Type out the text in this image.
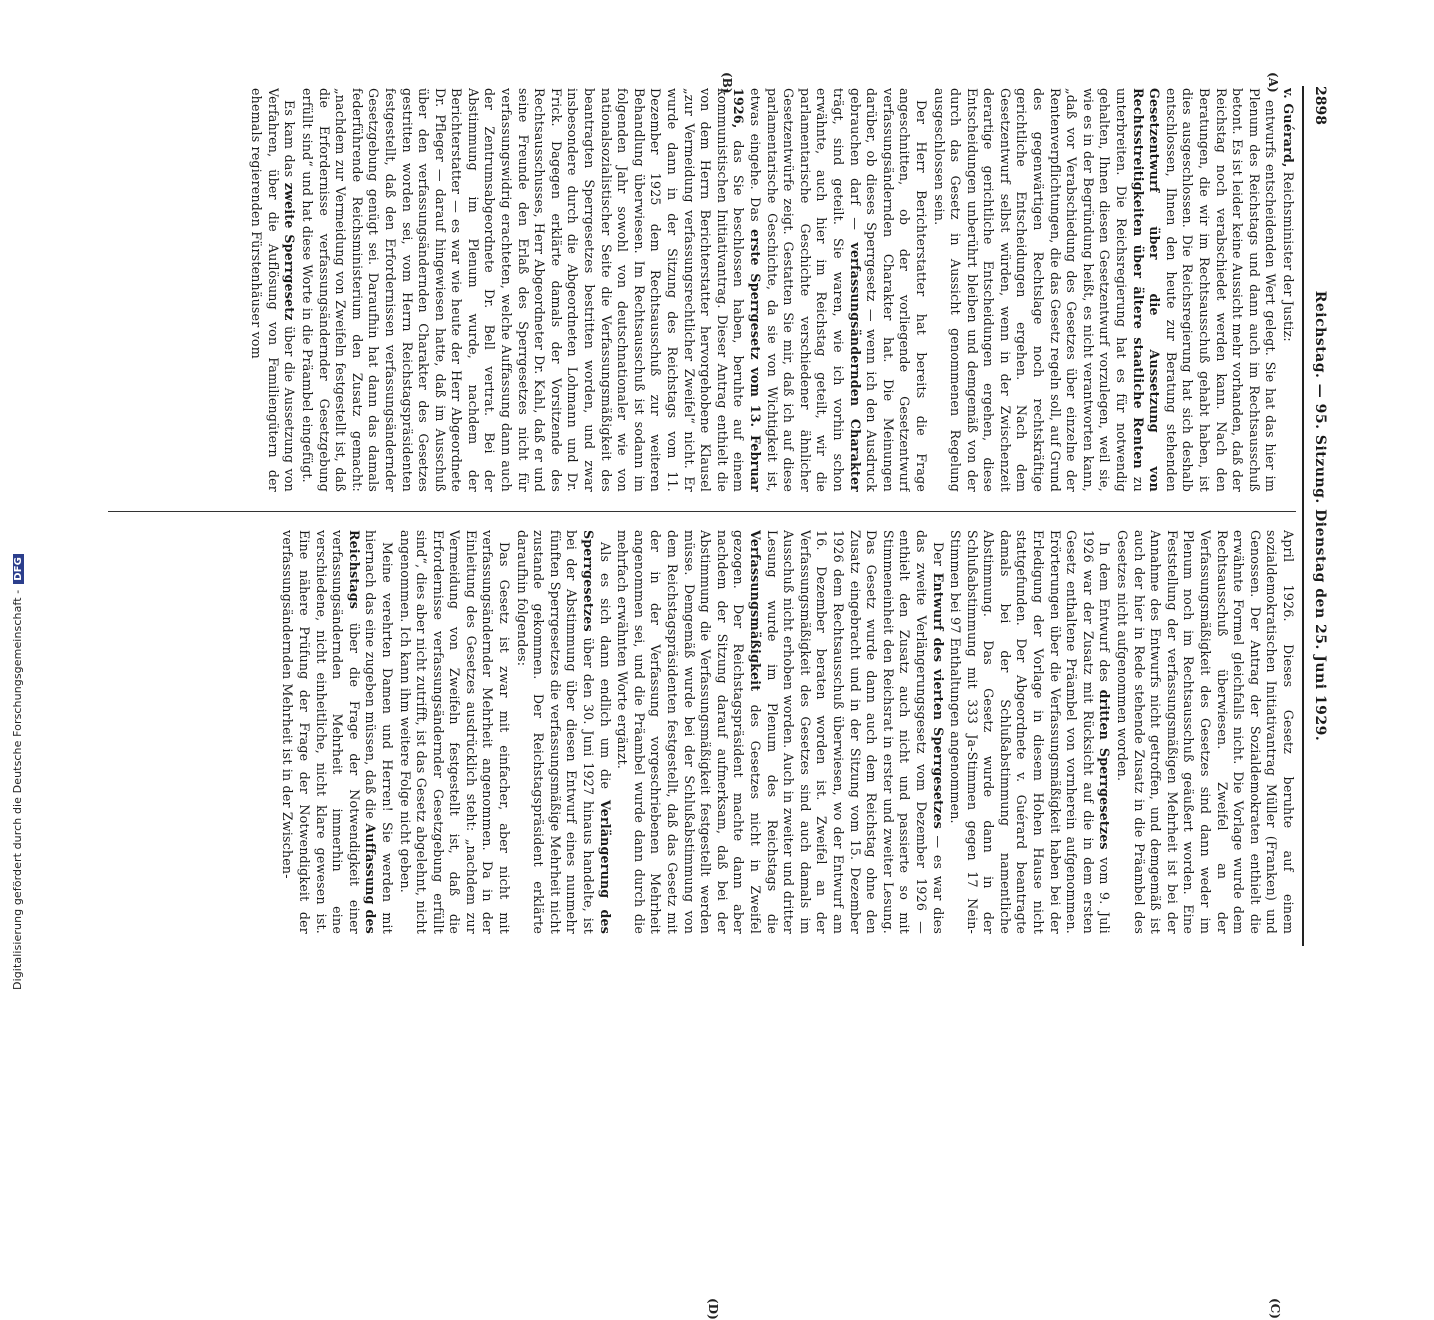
Digitalisierung gefördert durch die Deutsche Forschungsgemeinschaft -DFG
2898
Reichstag. — 95. Sitzung. Dienstag den 25. Juni 1929.
(A)
(B)
(C)
(D)

v. Guérard, Reichsminister der Justiz:

entwurfs entscheidenden Wert gelegt. Sie hat das hier im Plenum des Reichstags und dann auch im Rechtsausschuß betont. Es ist leider keine Aussicht mehr vorhanden, daß der Reichstag noch verabschiedet werden kann. Nach den Beratungen, die wir im Rechtsausschuß gehabt haben, ist dies ausgeschlossen. Die Reichsregierung hat sich deshalb entschlossen, Ihnen den heute zur Beratung stehenden Gesetzentwurf über die Aussetzung von Rechtsstreitigkeiten über ältere staatliche Renten zu unterbreiten. Die Reichsregierung hat es für notwendig gehalten, Ihnen diesen Gesetzentwurf vorzulegen, weil sie, wie es in der Begründung heißt, es nicht verantworten kann, „daß vor Verabschiedung des Gesetzes über einzelne der Rentenverpflichtungen, die das Gesetz regeln soll, auf Grund des gegenwärtigen Rechtslage noch rechtskräftige gerichtliche Entscheidungen ergehen. Nach dem Gesetzentwurf selbst würden, wenn in der Zwischenzeit derartige gerichtliche Entscheidungen ergehen, diese Entscheidungen unberührt bleiben und demgemäß von der durch das Gesetz in Aussicht genommenen Regelung ausgeschlossen sein.

Der Herr Berichterstatter hat bereits die Frage angeschnitten, ob der vorliegende Gesetzentwurf verfassungsändernden Charakter hat. Die Meinungen darüber, ob dieses Sperrgesetz — wenn ich den Ausdruck gebrauchen darf — verfassungsändernden Charakter trägt, sind geteilt. Sie waren, wie ich vorhin schon erwähnte, auch hier im Reichstag geteilt, wir die parlamentarische Geschichte verschiedener ähnlicher Gesetzentwürfe zeigt. Gestatten Sie mir, daß ich auf diese parlamentarische Geschichte, da sie von Wichtigkeit ist, etwas eingehe. Das erste Sperrgesetz vom 13. Februar 1926, das Sie beschlossen haben, beruhte auf einem kommunistischen Initiativantrag. Dieser Antrag enthielt die von dem Herrn Berichterstatter hervorgehobene Klausel „zur Vermeidung verfassungsrechtlicher Zweifel“ nicht. Er wurde dann in der Sitzung des Reichstags vom 11. Dezember 1925 dem Rechtsausschuß zur weiteren Behandlung überwiesen. Im Rechtsausschuß ist sodann im folgenden Jahr sowohl von deutschnationaler wie von nationalsozialistischer Seite die Verfassungsmäßigkeit des beantragten Sperrgesetzes bestritten worden, und zwar insbesondere durch die Abgeordneten Lohmann und Dr. Frick. Dagegen erklärte damals der Vorsitzende des Rechtsausschusses, Herr Abgeordneter Dr. Kahl, daß er und seine Freunde den Erlaß des Sperrgesetzes nicht für verfassungswidrig erachteten, welche Auffassung dann auch der Zentrumsabgeordnete Dr. Bell vertrat. Bei der Abstimmung im Plenum wurde, nachdem der Berichterstatter — es war wie heute der Herr Abgeordnete Dr. Pfleger — darauf hingewiesen hatte, daß im Ausschuß über den verfassungsändernden Charakter des Gesetzes gestritten worden sei, vom Herrn Reichstagspräsidenten festgestellt, daß den Erfordernissen verfassungsändernder Gesetzgebung genügt sei. Daraufhin hat dann das damals federführende Reichsministerium den Zusatz gemacht: „nachdem zur Vermeidung von Zweifeln festgestellt ist, daß die Erfordernisse verfassungsändernder Gesetzgebung erfüllt sind“ und hat diese Worte in die Präambel eingefügt.

Es kam das zweite Sperrgesetz über die Aussetzung von Verfahren, über die Auflösung von Familiengütern der ehemals regierenden Fürstenhäuser vom

April 1926. Dieses Gesetz beruhte auf einem sozialdemokratischen Initiativantrag Müller (Franken) und Genossen. Der Antrag der Sozialdemokraten enthielt die erwähnte Formel gleichfalls nicht. Die Vorlage wurde dem Rechtsausschuß überwiesen. Zweifel an der Verfassungsmäßigkeit des Gesetzes sind dann weder im Plenum noch im Rechtsausschuß geäußert worden. Eine Feststellung der verfassungsmäßigen Mehrheit ist bei der Annahme des Entwurfs nicht getroffen, und demgemäß ist auch der hier in Rede stehende Zusatz in die Präambel des Gesetzes nicht aufgenommen worden.

In dem Entwurf des dritten Sperrgesetzes vom 9. Juli 1926 war der Zusatz mit Rücksicht auf die in dem ersten Gesetz enthaltene Präambel von vornherein aufgenommen. Erörterungen über die Verfassungsmäßigkeit haben bei der Erledigung der Vorlage in diesem Hohen Hause nicht stattgefunden. Der Abgeordnete v. Guérard beantragte damals bei der Schlußabstimmung namentliche Abstimmung. Das Gesetz wurde dann in der Schlußabstimmung mit 333 Ja-Stimmen gegen 17 Nein-Stimmen bei 97 Enthaltungen angenommen.

Der Entwurf des vierten Sperrgesetzes — es war dies das zweite Verlängerungsgesetz vom Dezember 1926 — enthielt den Zusatz auch nicht und passierte so mit Stimmeneinheit den Reichsrat in erster und zweiter Lesung. Das Gesetz wurde dann auch dem Reichstag ohne den Zusatz eingebracht und in der Sitzung vom 15. Dezember 1926 dem Rechtsausschuß überwiesen, wo der Entwurf am 16. Dezember beraten worden ist. Zweifel an der Verfassungsmäßigkeit des Gesetzes sind auch damals im Ausschuß nicht erhoben worden. Auch in zweiter und dritter Lesung wurde im Plenum des Reichstags die Verfassungsmäßigkeit des Gesetzes nicht in Zweifel gezogen. Der Reichstagspräsident machte dann aber nachdem der Sitzung darauf aufmerksam, daß bei der Abstimmung die Verfassungsmäßigkeit festgestellt werden müsse. Demgemäß wurde bei der Schlußabstimmung von dem Reichstagspräsidenten festgestellt, daß das Gesetz mit der in der Verfassung vorgeschriebenen Mehrheit angenommen sei, und die Präambel wurde dann durch die mehrfach erwähnten Worte ergänzt.

Als es sich dann endlich um die Verlängerung des Sperrgesetzes über den 30. Juni 1927 hinaus handelte, ist bei der Abstimmung über diesen Entwurf eines nunmehr fünften Sperrgesetzes die verfassungsmäßige Mehrheit nicht zustande gekommen. Der Reichstagspräsident erklärte daraufhin folgendes:

Das Gesetz ist zwar mit einfacher, aber nicht mit verfassungsändernder Mehrheit angenommen. Da in der Einleitung des Gesetzes ausdrücklich steht: „nachdem zur Vermeidung von Zweifeln festgestellt ist, daß die Erfordernisse verfassungsändernder Gesetzgebung erfüllt sind“, dies aber nicht zutrifft, ist das Gesetz abgelehnt, nicht angenommen. Ich kann ihm weitere Folge nicht geben.

Meine verehrten Damen und Herren! Sie werden mit hiernach das eine zugeben müssen, daß die Auffassung des Reichstags über die Frage der Notwendigkeit einer verfassungsändernden Mehrheit immerhin eine verschiedene, nicht einheitliche, nicht klare gewesen ist. Eine nähere Prüfung der Frage der Notwendigkeit der verfassungsändernden Mehrheit ist in der Zwischen-
